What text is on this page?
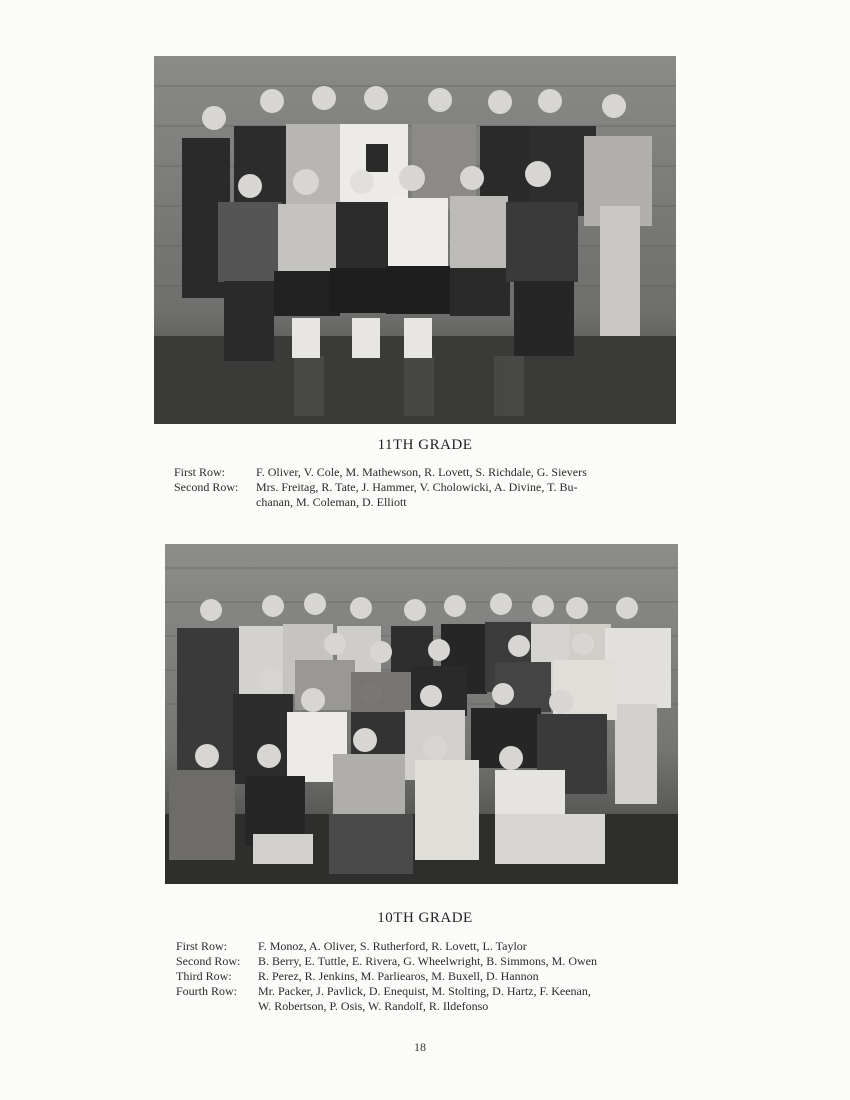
11TH GRADE
First Row:	F. Oliver, V. Cole, M. Mathewson, R. Lovett, S. Richdale, G. Sievers
Second Row:	Mrs. Freitag, R. Tate, J. Hammer, V. Cholowicki, A. Divine, T. Bu-
chanan, M. Coleman, D. Elliott
10TH GRADE
First Row:	F. Monoz, A. Oliver, S. Rutherford, R. Lovett, L. Taylor
Second Row:	B. Berry, E. Tuttle, E. Rivera, G. Wheelwright, B. Simmons, M. Owen
Third Row:	R. Perez, R. Jenkins, M. Parliearos, M. Buxell, D. Hannon
Fourth Row:	Mr. Packer, J. Pavlick, D. Enequist, M. Stolting, D. Hartz, F. Keenan,
W. Robertson, P. Osis, W. Randolf, R. Ildefonso
18
